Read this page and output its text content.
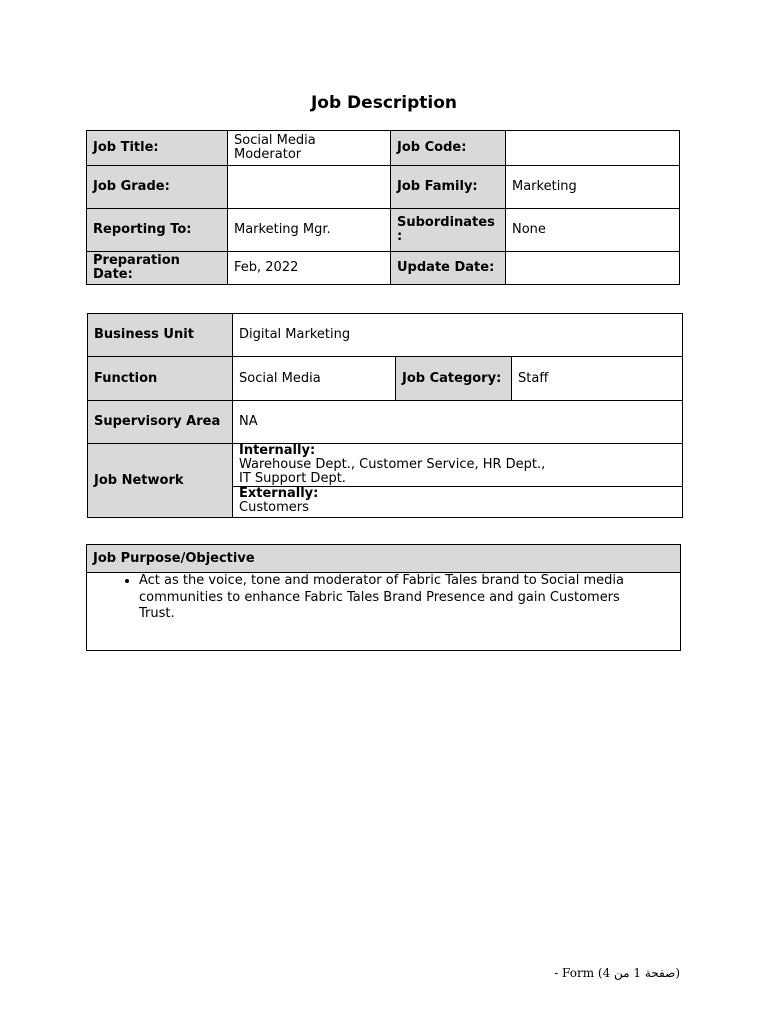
Job Description
Job Title:	Social Media Moderator	Job Code:	
Job Grade:		Job Family:	Marketing
Reporting To:	Marketing Mgr.	Subordinates :	None
Preparation Date:	Feb, 2022	Update Date:	
Business Unit	Digital Marketing		
Function	Social Media	Job Category:	Staff
Supervisory Area	NA		
Job Network	Internally:
Warehouse Dept., Customer Service, HR Dept.,
IT Support Dept.
Externally:
Customers		
Job Purpose/Objective

• Act as the voice, tone and moderator of Fabric Tales brand to Social media communities to enhance Fabric Tales Brand Presence and gain Customers Trust.
- Form (صفحة 1 من 4)
